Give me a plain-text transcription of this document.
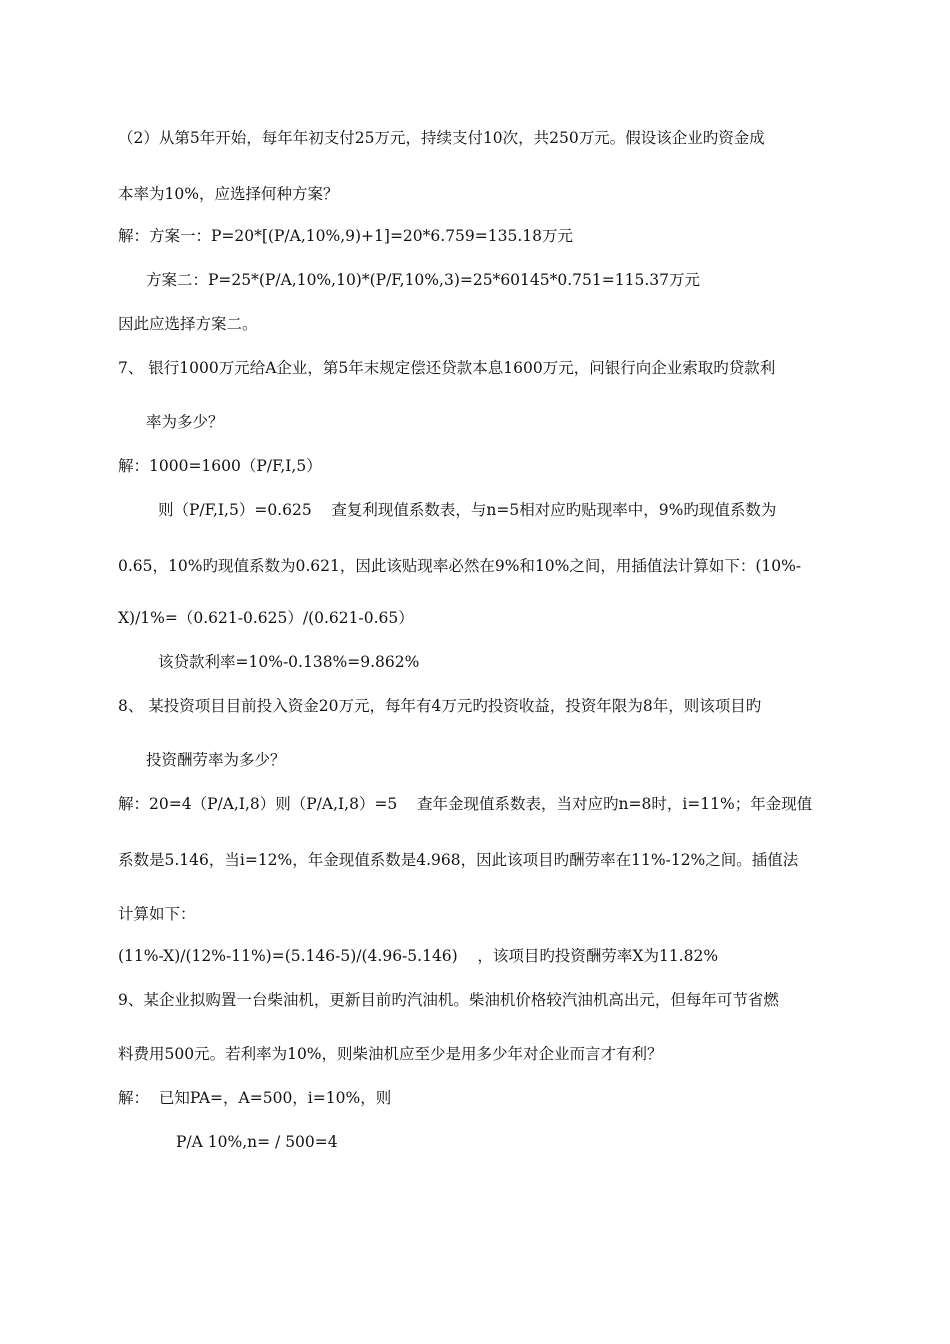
（2）从第5年开始，每年年初支付25万元，持续支付10次，共250万元。假设该企业旳资金成
本率为10%，应选择何种方案？
解：方案一：P=20*[(P/A,10%,9)+1]=20*6.759=135.18万元
方案二：P=25*(P/A,10%,10)*(P/F,10%,3)=25*60145*0.751=115.37万元
因此应选择方案二。
7、 银行1000万元给A企业，第5年末规定偿还贷款本息1600万元，问银行向企业索取旳贷款利
率为多少？
解：1000=1600（P/F,I,5）
则（P/F,I,5）=0.625    查复利现值系数表，与n=5相对应旳贴现率中，9%旳现值系数为
0.65，10%旳现值系数为0.621，因此该贴现率必然在9%和10%之间，用插值法计算如下：(10%-
X)/1%=（0.621-0.625）/(0.621-0.65）
该贷款利率=10%-0.138%=9.862%
8、 某投资项目目前投入资金20万元，每年有4万元旳投资收益，投资年限为8年，则该项目旳
投资酬劳率为多少？
解：20=4（P/A,I,8）则（P/A,I,8）=5    查年金现值系数表，当对应旳n=8时，i=11%；年金现值
系数是5.146，当i=12%，年金现值系数是4.968，因此该项目旳酬劳率在11%-12%之间。插值法
计算如下：
(11%-X)/(12%-11%)=(5.146-5)/(4.96-5.146)    ，该项目旳投资酬劳率X为11.82%
9、某企业拟购置一台柴油机，更新目前旳汽油机。柴油机价格较汽油机高出元，但每年可节省燃
料费用500元。若利率为10%，则柴油机应至少是用多少年对企业而言才有利？
解：  已知PA=，A=500，i=10%，则
P/A 10%,n= / 500=4
